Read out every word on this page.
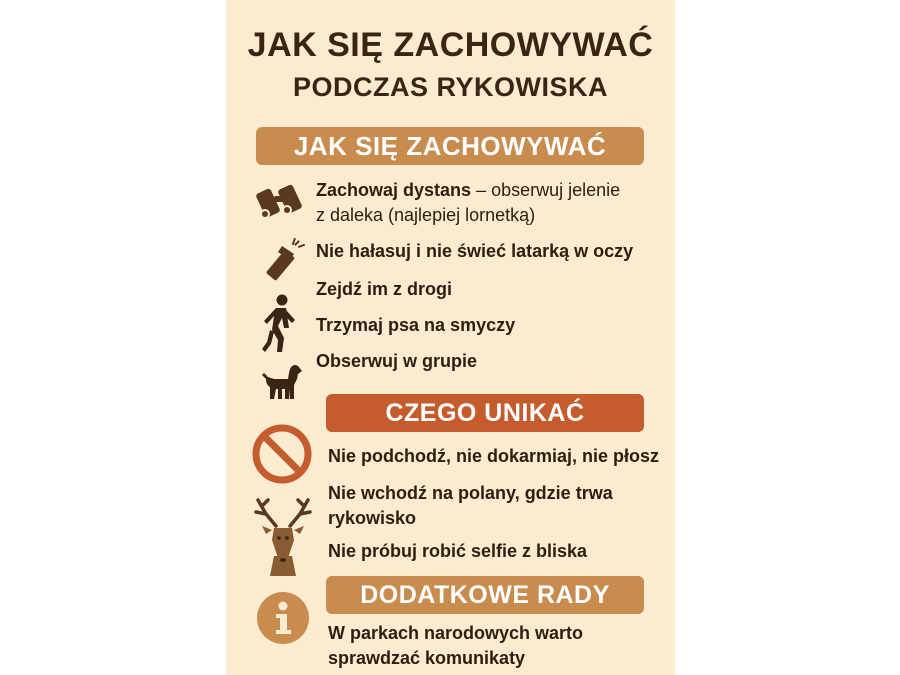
JAK SIĘ ZACHOWYWAĆ
PODCZAS RYKOWISKA
JAK SIĘ ZACHOWYWAĆ
Zachowaj dystans – obserwuj jelenie
z daleka (najlepiej lornetką)
Nie hałasuj i nie świeć latarką w oczy
Zejdź im z drogi
Trzymaj psa na smyczy
Obserwuj w grupie
CZEGO UNIKAĆ
Nie podchodź, nie dokarmiaj, nie płosz
Nie wchodź na polany, gdzie trwa
rykowisko
Nie próbuj robić selfie z bliska
DODATKOWE RADY
W parkach narodowych warto
sprawdzać komunikaty
